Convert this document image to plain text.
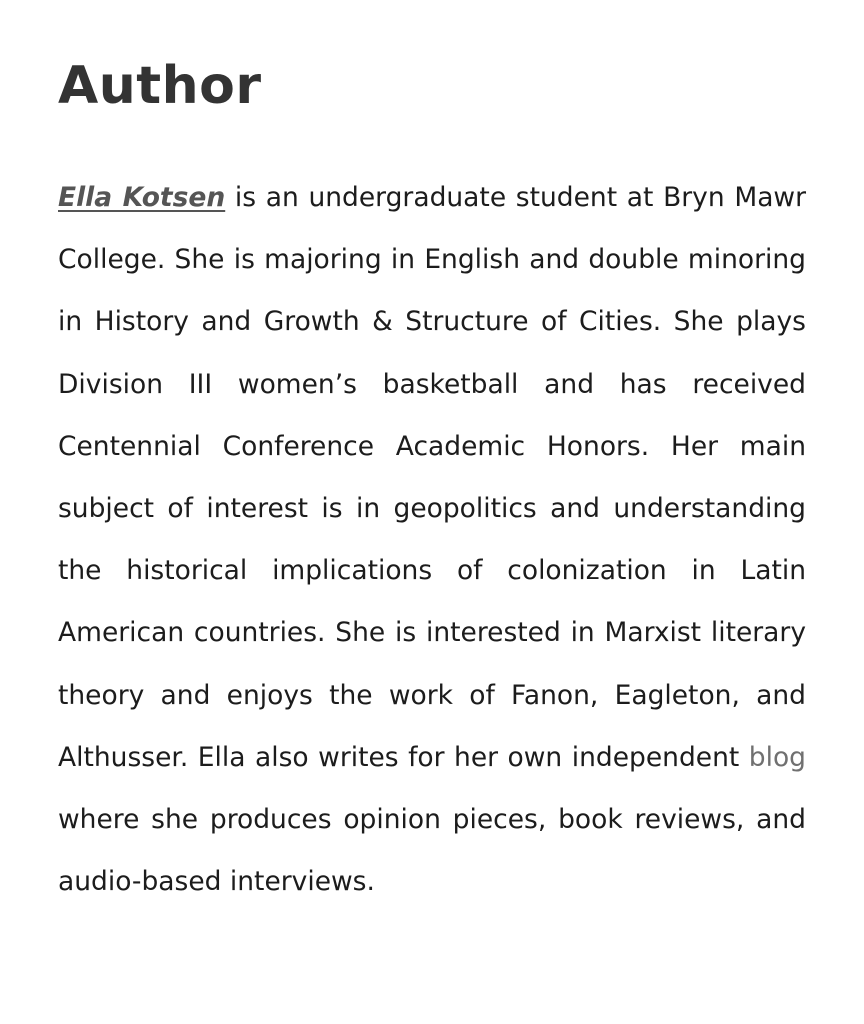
Author

Ella Kotsen is an undergraduate student at Bryn Mawr College. She is majoring in English and double minoring in History and Growth & Structure of Cities. She plays Division III women’s basketball and has received Centennial Conference Academic Honors. Her main subject of interest is in geopolitics and understanding the historical implications of colonization in Latin American countries. She is interested in Marxist literary theory and enjoys the work of Fanon, Eagleton, and Althusser. Ella also writes for her own independent blog where she produces opinion pieces, book reviews, and audio-based interviews.
